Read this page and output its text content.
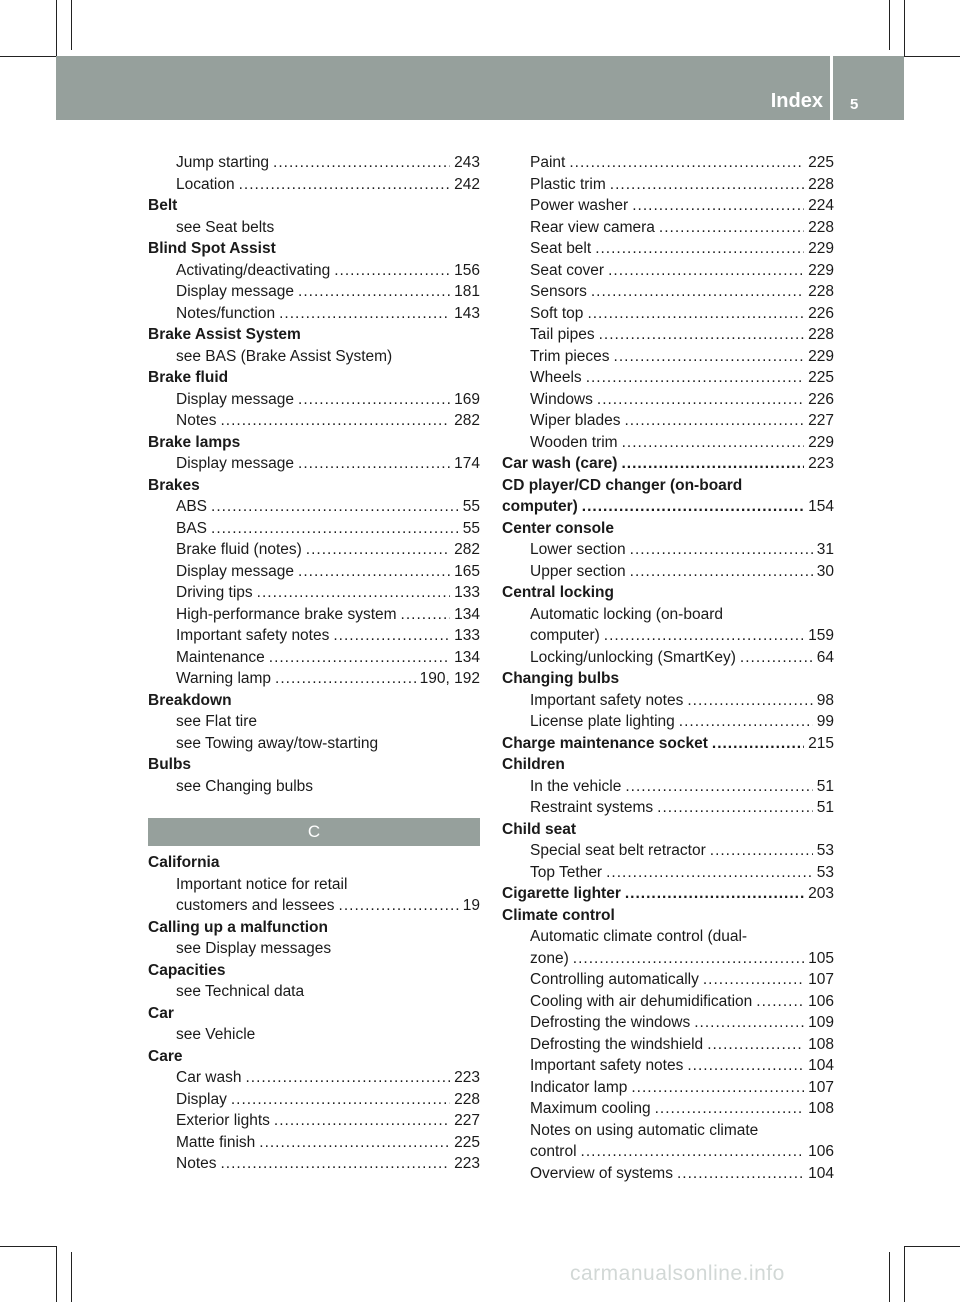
Index 5
Jump starting .....	243
Location .....	242
Belt
see Seat belts
Blind Spot Assist
Activating/deactivating .....	156
Display message .....	181
Notes/function .....	143
Brake Assist System
see BAS (Brake Assist System)
Brake fluid
Display message .....	169
Notes .....	282
Brake lamps
Display message .....	174
Brakes
ABS .....	55
BAS .....	55
Brake fluid (notes) .....	282
Display message .....	165
Driving tips .....	133
High-performance brake system .....	134
Important safety notes .....	133
Maintenance .....	134
Warning lamp .....	190, 192
Breakdown
see Flat tire
see Towing away/tow-starting
Bulbs
see Changing bulbs
C
California
Important notice for retail
customers and lessees .....	19
Calling up a malfunction
see Display messages
Capacities
see Technical data
Car
see Vehicle
Care
Car wash .....	223
Display .....	228
Exterior lights .....	227
Matte finish .....	225
Notes .....	223
Paint .....	225
Plastic trim .....	228
Power washer .....	224
Rear view camera .....	228
Seat belt .....	229
Seat cover .....	229
Sensors .....	228
Soft top .....	226
Tail pipes .....	228
Trim pieces .....	229
Wheels .....	225
Windows .....	226
Wiper blades .....	227
Wooden trim .....	229
Car wash (care) .....	223
CD player/CD changer (on-board
computer) .....	154
Center console
Lower section .....	31
Upper section .....	30
Central locking
Automatic locking (on-board
computer) .....	159
Locking/unlocking (SmartKey) .....	64
Changing bulbs
Important safety notes .....	98
License plate lighting .....	99
Charge maintenance socket .....	215
Children
In the vehicle .....	51
Restraint systems .....	51
Child seat
Special seat belt retractor .....	53
Top Tether .....	53
Cigarette lighter .....	203
Climate control
Automatic climate control (dual-
zone) .....	105
Controlling automatically .....	107
Cooling with air dehumidification .....	106
Defrosting the windows .....	109
Defrosting the windshield .....	108
Important safety notes .....	104
Indicator lamp .....	107
Maximum cooling .....	108
Notes on using automatic climate
control .....	106
Overview of systems .....	104
carmanualsonline.info
